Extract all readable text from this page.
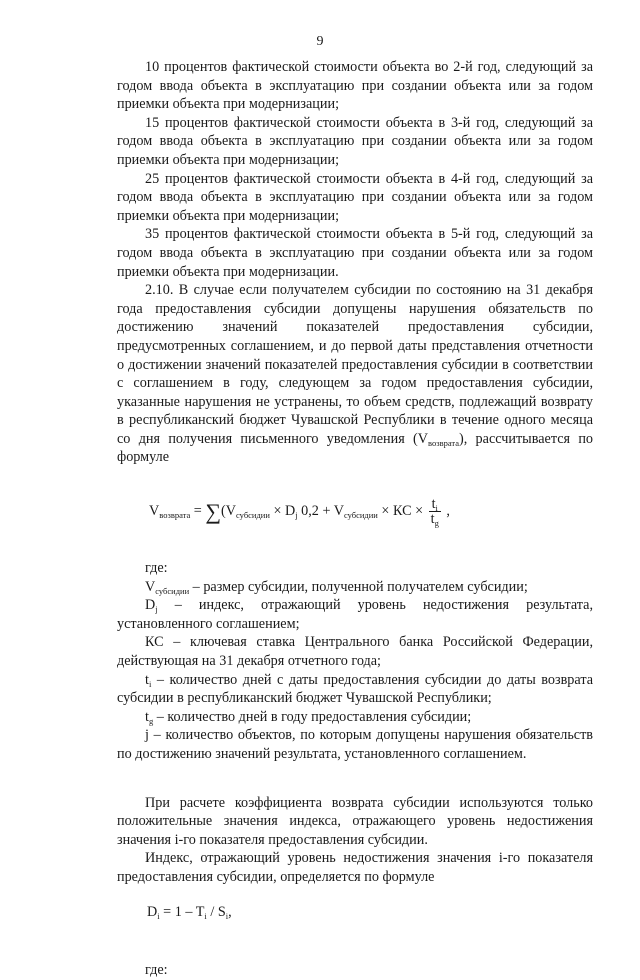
9

10 процентов фактической стоимости объекта во 2-й год, следующий за годом ввода объекта в эксплуатацию при создании объекта или за годом приемки объекта при модернизации;

15 процентов фактической стоимости объекта в 3-й год, следующий за годом ввода объекта в эксплуатацию при создании объекта или за годом приемки объекта при модернизации;

25 процентов фактической стоимости объекта в 4-й год, следующий за годом ввода объекта в эксплуатацию при создании объекта или за годом приемки объекта при модернизации;

35 процентов фактической стоимости объекта в 5-й год, следующий за годом ввода объекта в эксплуатацию при создании объекта или за годом приемки объекта при модернизации.

2.10. В случае если получателем субсидии по состоянию на 31 декабря года предоставления субсидии допущены нарушения обязательств по достижению значений показателей предоставления субсидии, предусмотренных соглашением, и до первой даты представления отчетности о достижении значений показателей предоставления субсидии в соответствии с соглашением в году, следующем за годом предоставления субсидии, указанные нарушения не устранены, то объем средств, подлежащий возврату в республиканский бюджет Чувашской Республики в течение одного месяца со дня получения письменного уведомления $(V_{возврата})$, рассчитывается по формуле

$V_{возврата} = \sum(V_{субсидии} \times D_j$ $0,2 + V_{субсидии}$ × КС × $\frac{t_i}{t_g}$ ,

где:

$V_{субсидии}$ – размер субсидии, полученной получателем субсидии;

$D_j$ – индекс, отражающий уровень недостижения результата, установленного соглашением;

КС – ключевая ставка Центрального банка Российской Федерации, действующая на 31 декабря отчетного года;

$t_i$ – количество дней с даты предоставления субсидии до даты возврата субсидии в республиканский бюджет Чувашской Республики;

$t_g$ – количество дней в году предоставления субсидии;

j – количество объектов, по которым допущены нарушения обязательств по достижению значений результата, установленного соглашением.

При расчете коэффициента возврата субсидии используются только положительные значения индекса, отражающего уровень недостижения значения i-го показателя предоставления субсидии.

Индекс, отражающий уровень недостижения значения i-го показателя предоставления субсидии, определяется по формуле

$D_i = 1 - T_i / S_i$,

где:
